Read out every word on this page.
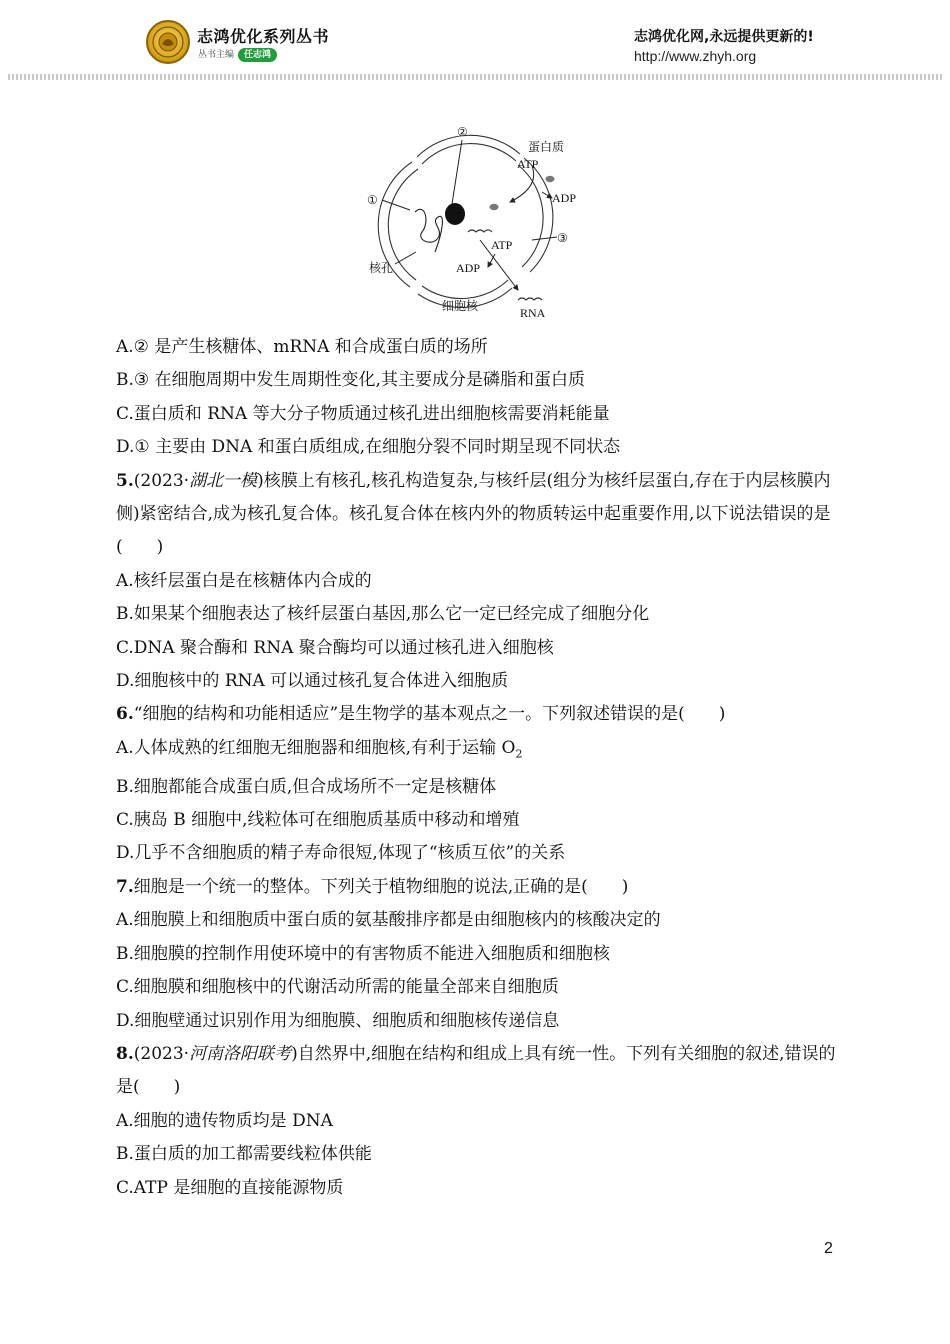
志鸿优化系列丛书
丛书主编 任志鸿
志鸿优化网,永远提供更新的!
http://www.zhyh.org
②
①
③
蛋白质
ATP
ADP
ATP
ADP
核孔
细胞核	RNA

A.② 是产生核糖体、mRNA 和合成蛋白质的场所

B.③ 在细胞周期中发生周期性变化,其主要成分是磷脂和蛋白质

C.蛋白质和 RNA 等大分子物质通过核孔进出细胞核需要消耗能量

D.① 主要由 DNA 和蛋白质组成,在细胞分裂不同时期呈现不同状态

5.(2023·湖北一模)核膜上有核孔,核孔构造复杂,与核纤层(组分为核纤层蛋白,存在于内层核膜内侧)紧密结合,成为核孔复合体。核孔复合体在核内外的物质转运中起重要作用,以下说法错误的是(　　)

A.核纤层蛋白是在核糖体内合成的

B.如果某个细胞表达了核纤层蛋白基因,那么它一定已经完成了细胞分化

C.DNA 聚合酶和 RNA 聚合酶均可以通过核孔进入细胞核

D.细胞核中的 RNA 可以通过核孔复合体进入细胞质

6.“细胞的结构和功能相适应”是生物学的基本观点之一。下列叙述错误的是(　　)

A.人体成熟的红细胞无细胞器和细胞核,有利于运输 $O_2$

B.细胞都能合成蛋白质,但合成场所不一定是核糖体

C.胰岛 B 细胞中,线粒体可在细胞质基质中移动和增殖

D.几乎不含细胞质的精子寿命很短,体现了“核质互依”的关系

7.细胞是一个统一的整体。下列关于植物细胞的说法,正确的是(　　)

A.细胞膜上和细胞质中蛋白质的氨基酸排序都是由细胞核内的核酸决定的

B.细胞膜的控制作用使环境中的有害物质不能进入细胞质和细胞核

C.细胞膜和细胞核中的代谢活动所需的能量全部来自细胞质

D.细胞壁通过识别作用为细胞膜、细胞质和细胞核传递信息

8.(2023·河南洛阳联考)自然界中,细胞在结构和组成上具有统一性。下列有关细胞的叙述,错误的是(　　)

A.细胞的遗传物质均是 DNA

B.蛋白质的加工都需要线粒体供能

C.ATP 是细胞的直接能源物质

2
